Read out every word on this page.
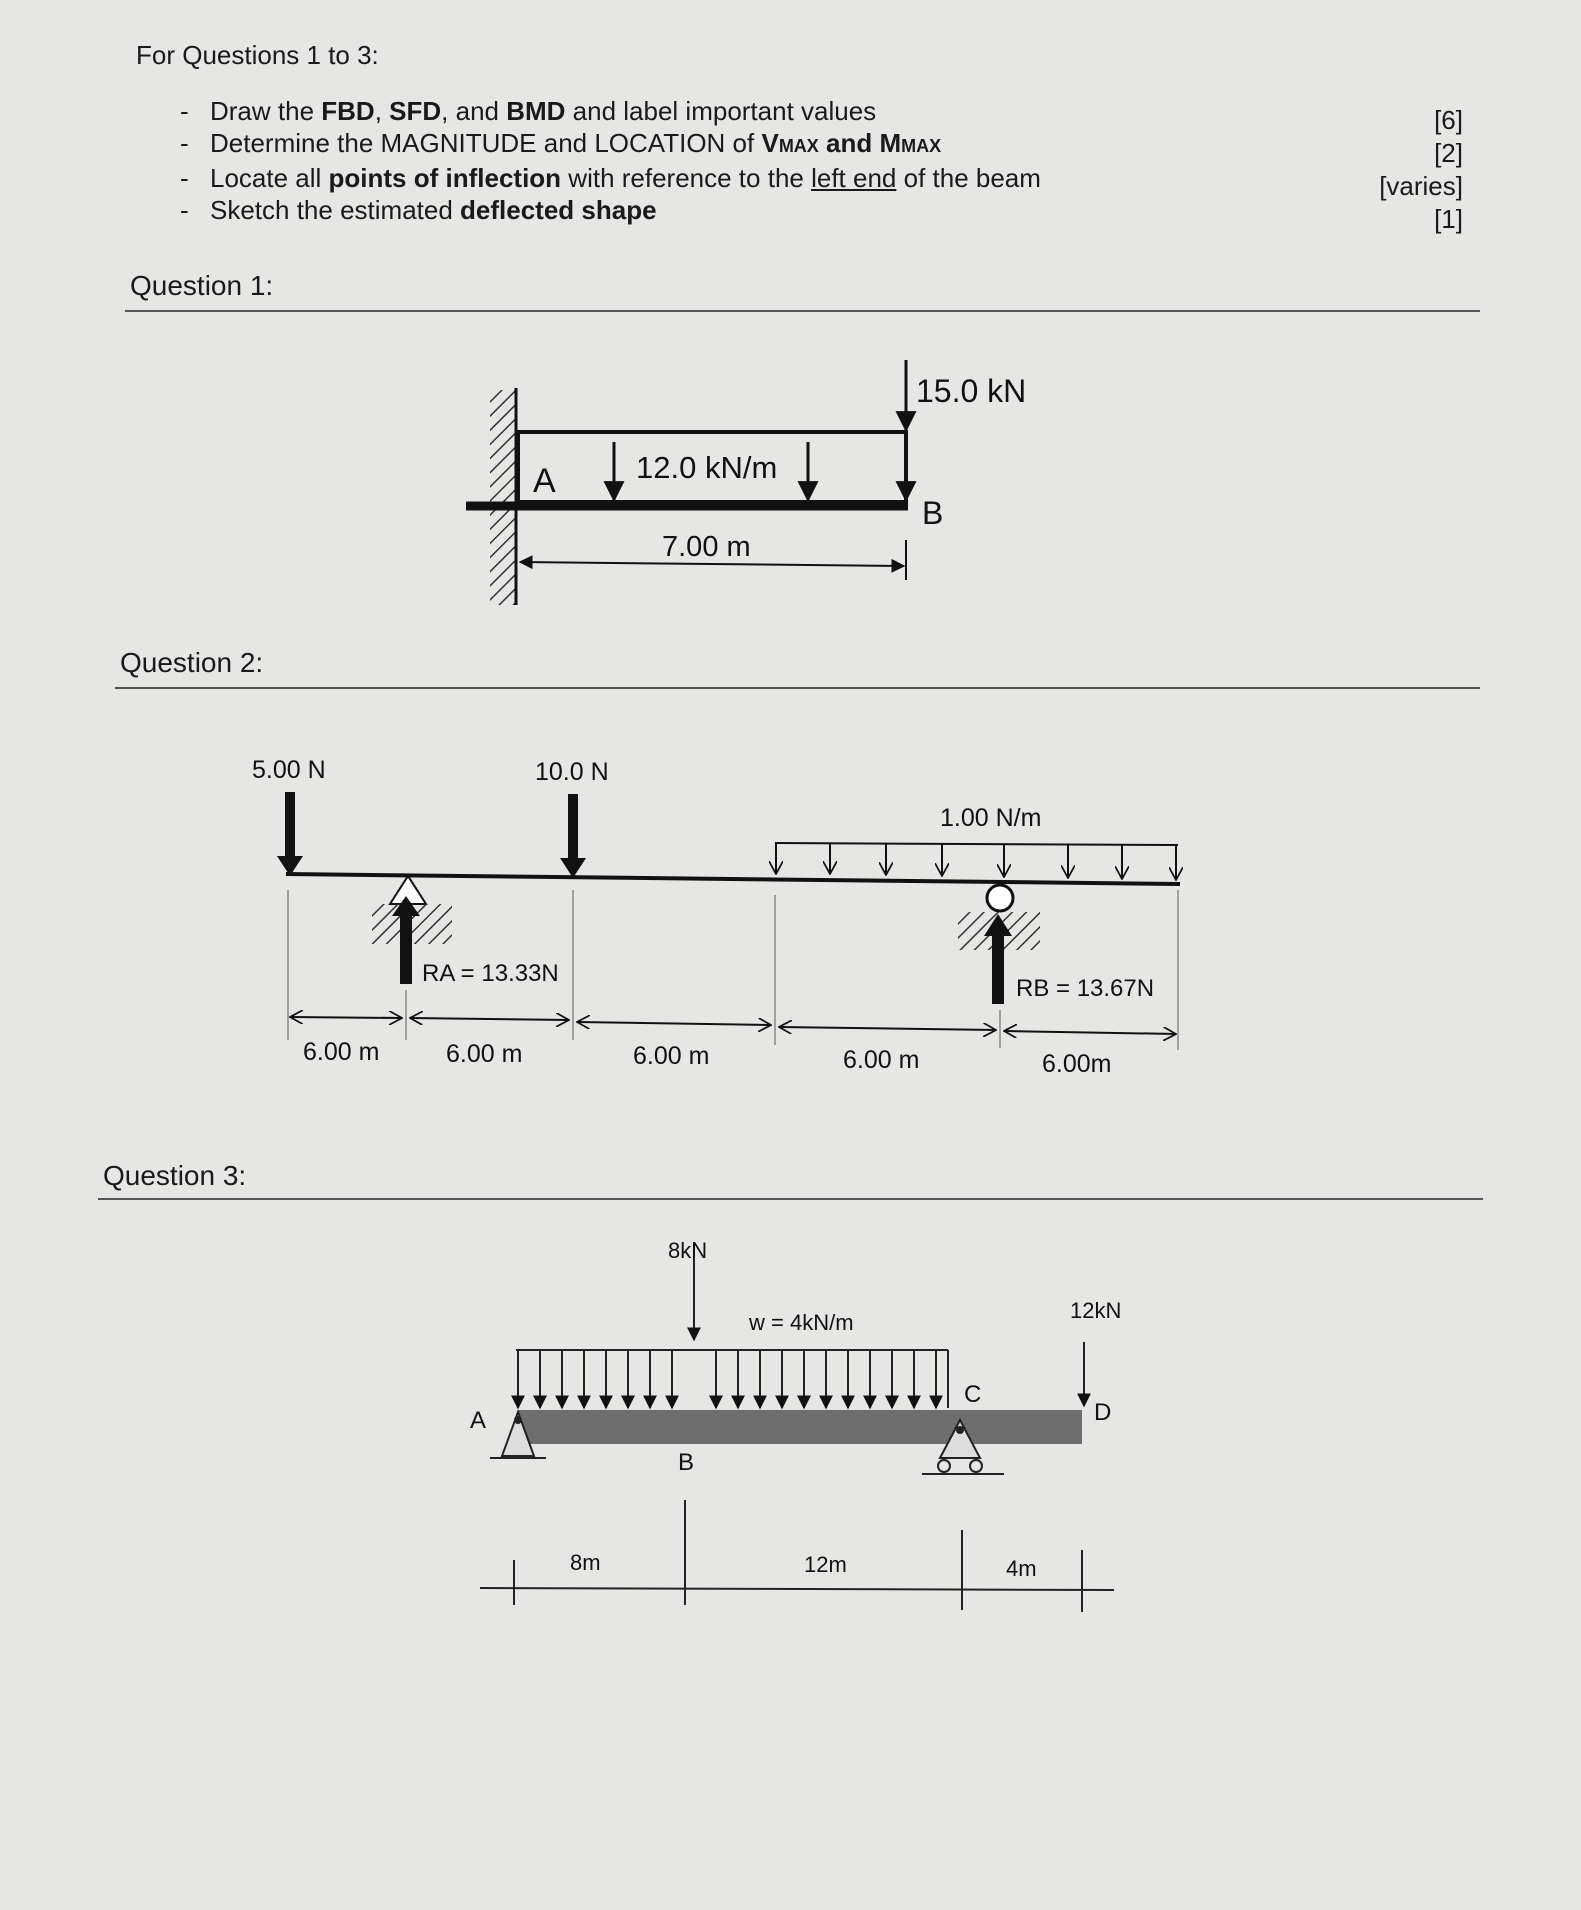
For Questions 1 to 3:
- Draw the FBD, SFD, and BMD and label important values
- Determine the MAGNITUDE and LOCATION of VMAX and MMAX
- Locate all points of inflection with reference to the left end of the beam
- Sketch the estimated deflected shape
[6]
[2]
[varies]
[1]
Question 1:
Question 2:
Question 3:
A	12.0 kN/m
15.0 kN
B
7.00 m
5.00 N	10.0 N
1.00 N/m
RA = 13.33N
RB = 13.67N
6.00 m	6.00 m	6.00 m	6.00 m	6.00m
w = 4kN/m
8kN
12kN
A
B
C
D
8m	12m	4m
